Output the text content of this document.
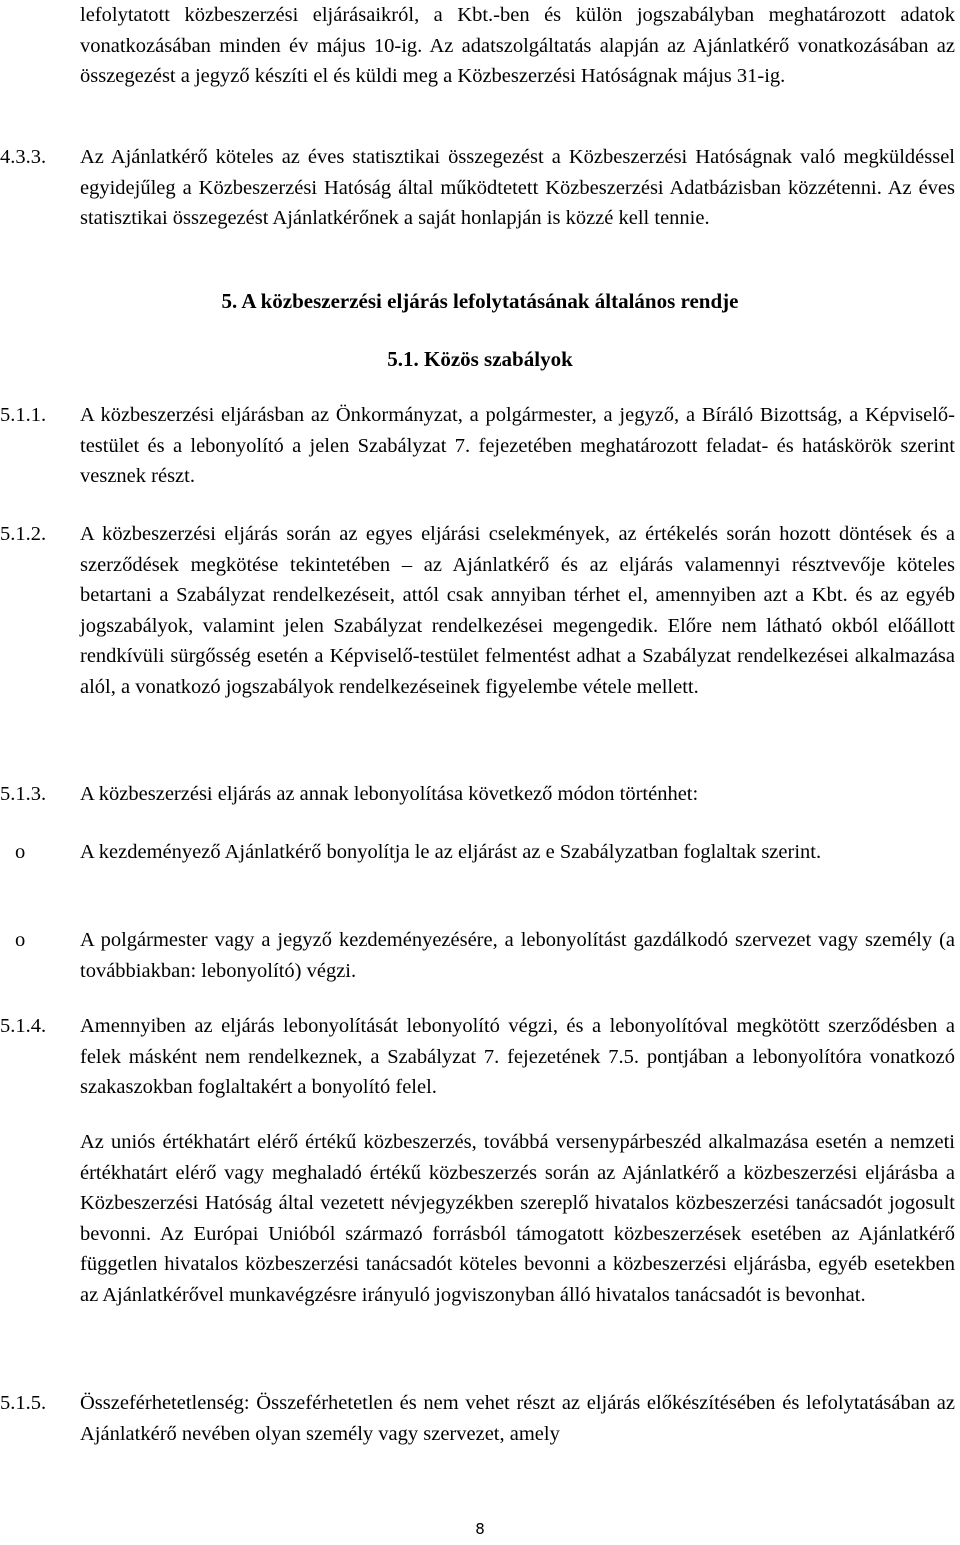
lefolytatott közbeszerzési eljárásaikról, a Kbt.-ben és külön jogszabályban meghatározott adatok vonatkozásában minden év május 10-ig. Az adatszolgáltatás alapján az Ajánlatkérő vonatkozásában az összegezést a jegyző készíti el és küldi meg a Közbeszerzési Hatóságnak május 31-ig.

4.3.3.	Az Ajánlatkérő köteles az éves statisztikai összegezést a Közbeszerzési Hatóságnak való megküldéssel egyidejűleg a Közbeszerzési Hatóság által működtetett Közbeszerzési Adatbázisban közzétenni. Az éves statisztikai összegezést Ajánlatkérőnek a saját honlapján is közzé kell tennie.
5. A közbeszerzési eljárás lefolytatásának általános rendje
5.1. Közös szabályok
5.1.1.	A közbeszerzési eljárásban az Önkormányzat, a polgármester, a jegyző, a Bíráló Bizottság, a Képviselő-testület és a lebonyolító a jelen Szabályzat 7. fejezetében meghatározott feladat- és hatáskörök szerint vesznek részt.
5.1.2.	A közbeszerzési eljárás során az egyes eljárási cselekmények, az értékelés során hozott döntések és a szerződések megkötése tekintetében – az Ajánlatkérő és az eljárás valamennyi résztvevője köteles betartani a Szabályzat rendelkezéseit, attól csak annyiban térhet el, amennyiben azt a Kbt. és az egyéb jogszabályok, valamint jelen Szabályzat rendelkezései megengedik. Előre nem látható okból előállott rendkívüli sürgősség esetén a Képviselő-testület felmentést adhat a Szabályzat rendelkezései alkalmazása alól, a vonatkozó jogszabályok rendelkezéseinek figyelembe vétele mellett.
5.1.3.	A közbeszerzési eljárás az annak lebonyolítása következő módon történhet:
o	A kezdeményező Ajánlatkérő bonyolítja le az eljárást az e Szabályzatban foglaltak szerint.
o	A polgármester vagy a jegyző kezdeményezésére, a lebonyolítást gazdálkodó szervezet vagy személy (a továbbiakban: lebonyolító) végzi.
5.1.4.	Amennyiben az eljárás lebonyolítását lebonyolító végzi, és a lebonyolítóval megkötött szerződésben a felek másként nem rendelkeznek, a Szabályzat 7. fejezetének 7.5. pontjában a lebonyolítóra vonatkozó szakaszokban foglaltakért a bonyolító felel.

Az uniós értékhatárt elérő értékű közbeszerzés, továbbá versenypárbeszéd alkalmazása esetén a nemzeti értékhatárt elérő vagy meghaladó értékű közbeszerzés során az Ajánlatkérő a közbeszerzési eljárásba a Közbeszerzési Hatóság által vezetett névjegyzékben szereplő hivatalos közbeszerzési tanácsadót jogosult bevonni. Az Európai Unióból származó forrásból támogatott közbeszerzések esetében az Ajánlatkérő független hivatalos közbeszerzési tanácsadót köteles bevonni a közbeszerzési eljárásba, egyéb esetekben az Ajánlatkérővel munkavégzésre irányuló jogviszonyban álló hivatalos tanácsadót is bevonhat.

5.1.5.	Összeférhetetlenség: Összeférhetetlen és nem vehet részt az eljárás előkészítésében és lefolytatásában az Ajánlatkérő nevében olyan személy vagy szervezet, amely
8
